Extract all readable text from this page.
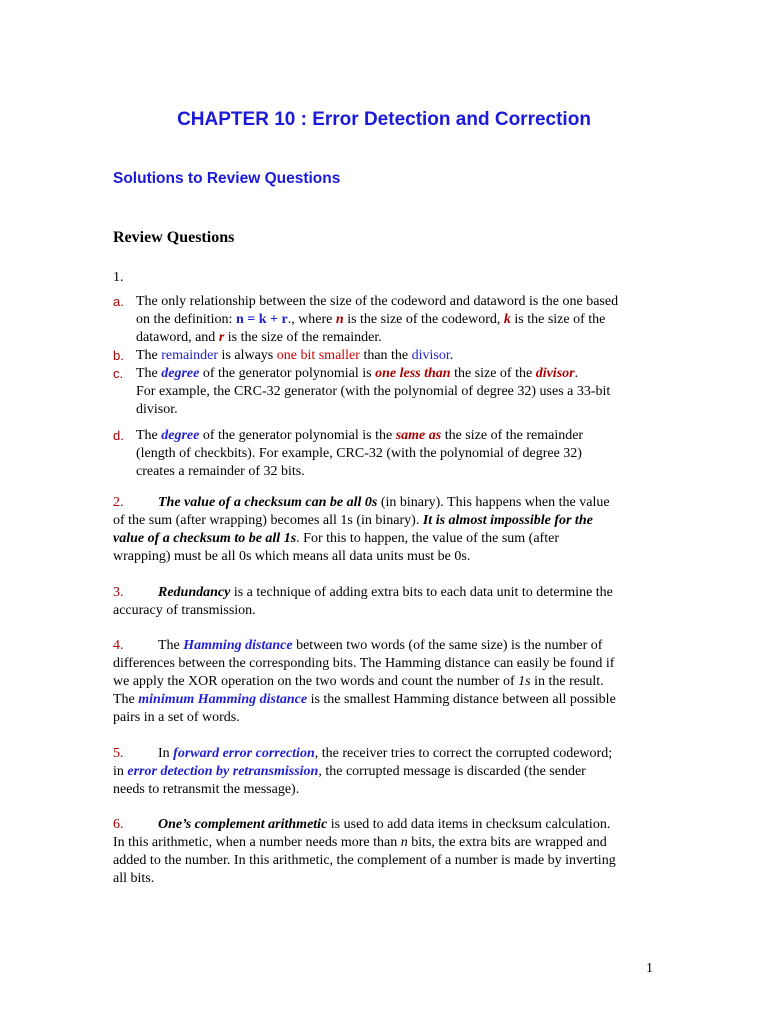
CHAPTER 10 : Error Detection and Correction
Solutions to Review Questions
Review Questions
1.
a. The only relationship between the size of the codeword and dataword is the one based
on the definition: n = k + r., where n is the size of the codeword, k is the size of the
dataword, and r is the size of the remainder.
b. The remainder is always one bit smaller than the divisor.
c. The degree of the generator polynomial is one less than the size of the divisor.
For example, the CRC-32 generator (with the polynomial of degree 32) uses a 33-bit
divisor.
d. The degree of the generator polynomial is the same as the size of the remainder
(length of checkbits). For example, CRC-32 (with the polynomial of degree 32)
creates a remainder of 32 bits.
2. The value of a checksum can be all 0s (in binary). This happens when the value
of the sum (after wrapping) becomes all 1s (in binary). It is almost impossible for the
value of a checksum to be all 1s. For this to happen, the value of the sum (after
wrapping) must be all 0s which means all data units must be 0s.
3. Redundancy is a technique of adding extra bits to each data unit to determine the
accuracy of transmission.
4. The Hamming distance between two words (of the same size) is the number of
differences between the corresponding bits. The Hamming distance can easily be found if
we apply the XOR operation on the two words and count the number of 1s in the result.
The minimum Hamming distance is the smallest Hamming distance between all possible
pairs in a set of words.
5. In forward error correction, the receiver tries to correct the corrupted codeword;
in error detection by retransmission, the corrupted message is discarded (the sender
needs to retransmit the message).
6. One’s complement arithmetic is used to add data items in checksum calculation.
In this arithmetic, when a number needs more than n bits, the extra bits are wrapped and
added to the number. In this arithmetic, the complement of a number is made by inverting
all bits.
1
